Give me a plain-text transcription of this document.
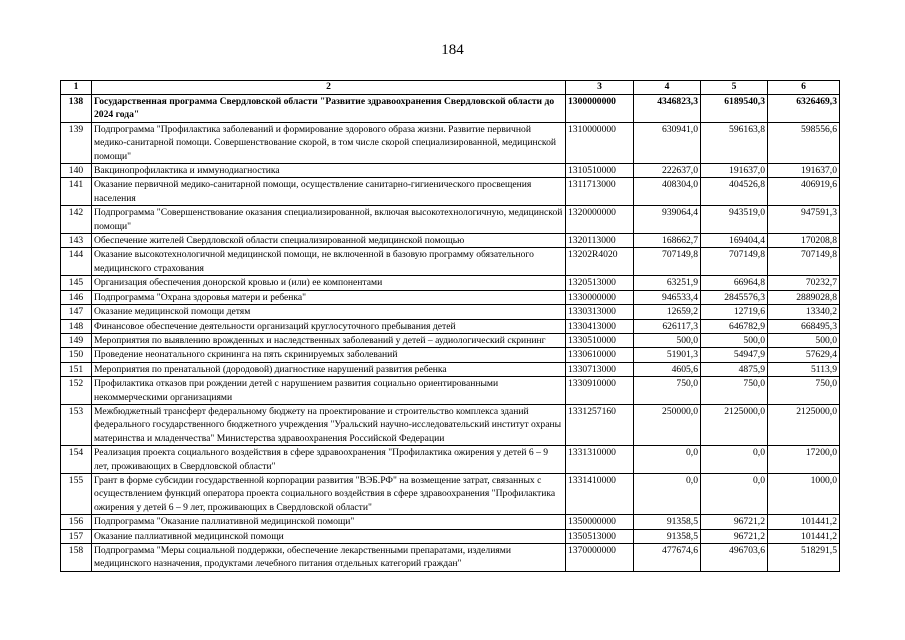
184
1	2	3	4	5	6
138	Государственная программа Свердловской области "Развитие здравоохранения Свердловской области до 2024 года"	1300000000	4346823,3	6189540,3	6326469,3
139	Подпрограмма "Профилактика заболеваний и формирование здорового образа жизни. Развитие первичной медико-санитарной помощи. Совершенствование скорой, в том числе скорой специализированной, медицинской помощи"	1310000000	630941,0	596163,8	598556,6
140	Вакцинопрофилактика и иммунодиагностика	1310510000	222637,0	191637,0	191637,0
141	Оказание первичной медико-санитарной помощи, осуществление санитарно-гигиенического просвещения населения	1311713000	408304,0	404526,8	406919,6
142	Подпрограмма "Совершенствование оказания специализированной, включая высокотехнологичную, медицинской помощи"	1320000000	939064,4	943519,0	947591,3
143	Обеспечение жителей Свердловской области специализированной медицинской помощью	1320113000	168662,7	169404,4	170208,8
144	Оказание высокотехнологичной медицинской помощи, не включенной в базовую программу обязательного медицинского страхования	13202R4020	707149,8	707149,8	707149,8
145	Организация обеспечения донорской кровью и (или) ее компонентами	1320513000	63251,9	66964,8	70232,7
146	Подпрограмма "Охрана здоровья матери и ребенка"	1330000000	946533,4	2845576,3	2889028,8
147	Оказание медицинской помощи детям	1330313000	12659,2	12719,6	13340,2
148	Финансовое обеспечение деятельности организаций круглосуточного пребывания детей	1330413000	626117,3	646782,9	668495,3
149	Мероприятия по выявлению врожденных и наследственных заболеваний у детей – аудиологический скрининг	1330510000	500,0	500,0	500,0
150	Проведение неонатального скрининга на пять скринируемых заболеваний	1330610000	51901,3	54947,9	57629,4
151	Мероприятия по пренатальной (дородовой) диагностике нарушений развития ребенка	1330713000	4605,6	4875,9	5113,9
152	Профилактика отказов при рождении детей с нарушением развития социально ориентированными некоммерческими организациями	1330910000	750,0	750,0	750,0
153	Межбюджетный трансферт федеральному бюджету на проектирование и строительство комплекса зданий федерального государственного бюджетного учреждения "Уральский научно-исследовательский институт охраны материнства и младенчества" Министерства здравоохранения Российской Федерации	1331257160	250000,0	2125000,0	2125000,0
154	Реализация проекта социального воздействия в сфере здравоохранения "Профилактика ожирения у детей 6 – 9 лет, проживающих в Свердловской области"	1331310000	0,0	0,0	17200,0
155	Грант в форме субсидии государственной корпорации развития "ВЭБ.РФ" на возмещение затрат, связанных с осуществлением функций оператора проекта социального воздействия в сфере здравоохранения "Профилактика ожирения у детей 6 – 9 лет, проживающих в Свердловской области"	1331410000	0,0	0,0	1000,0
156	Подпрограмма "Оказание паллиативной медицинской помощи"	1350000000	91358,5	96721,2	101441,2
157	Оказание паллиативной медицинской помощи	1350513000	91358,5	96721,2	101441,2
158	Подпрограмма "Меры социальной поддержки, обеспечение лекарственными препаратами, изделиями медицинского назначения, продуктами лечебного питания отдельных категорий граждан"	1370000000	477674,6	496703,6	518291,5
